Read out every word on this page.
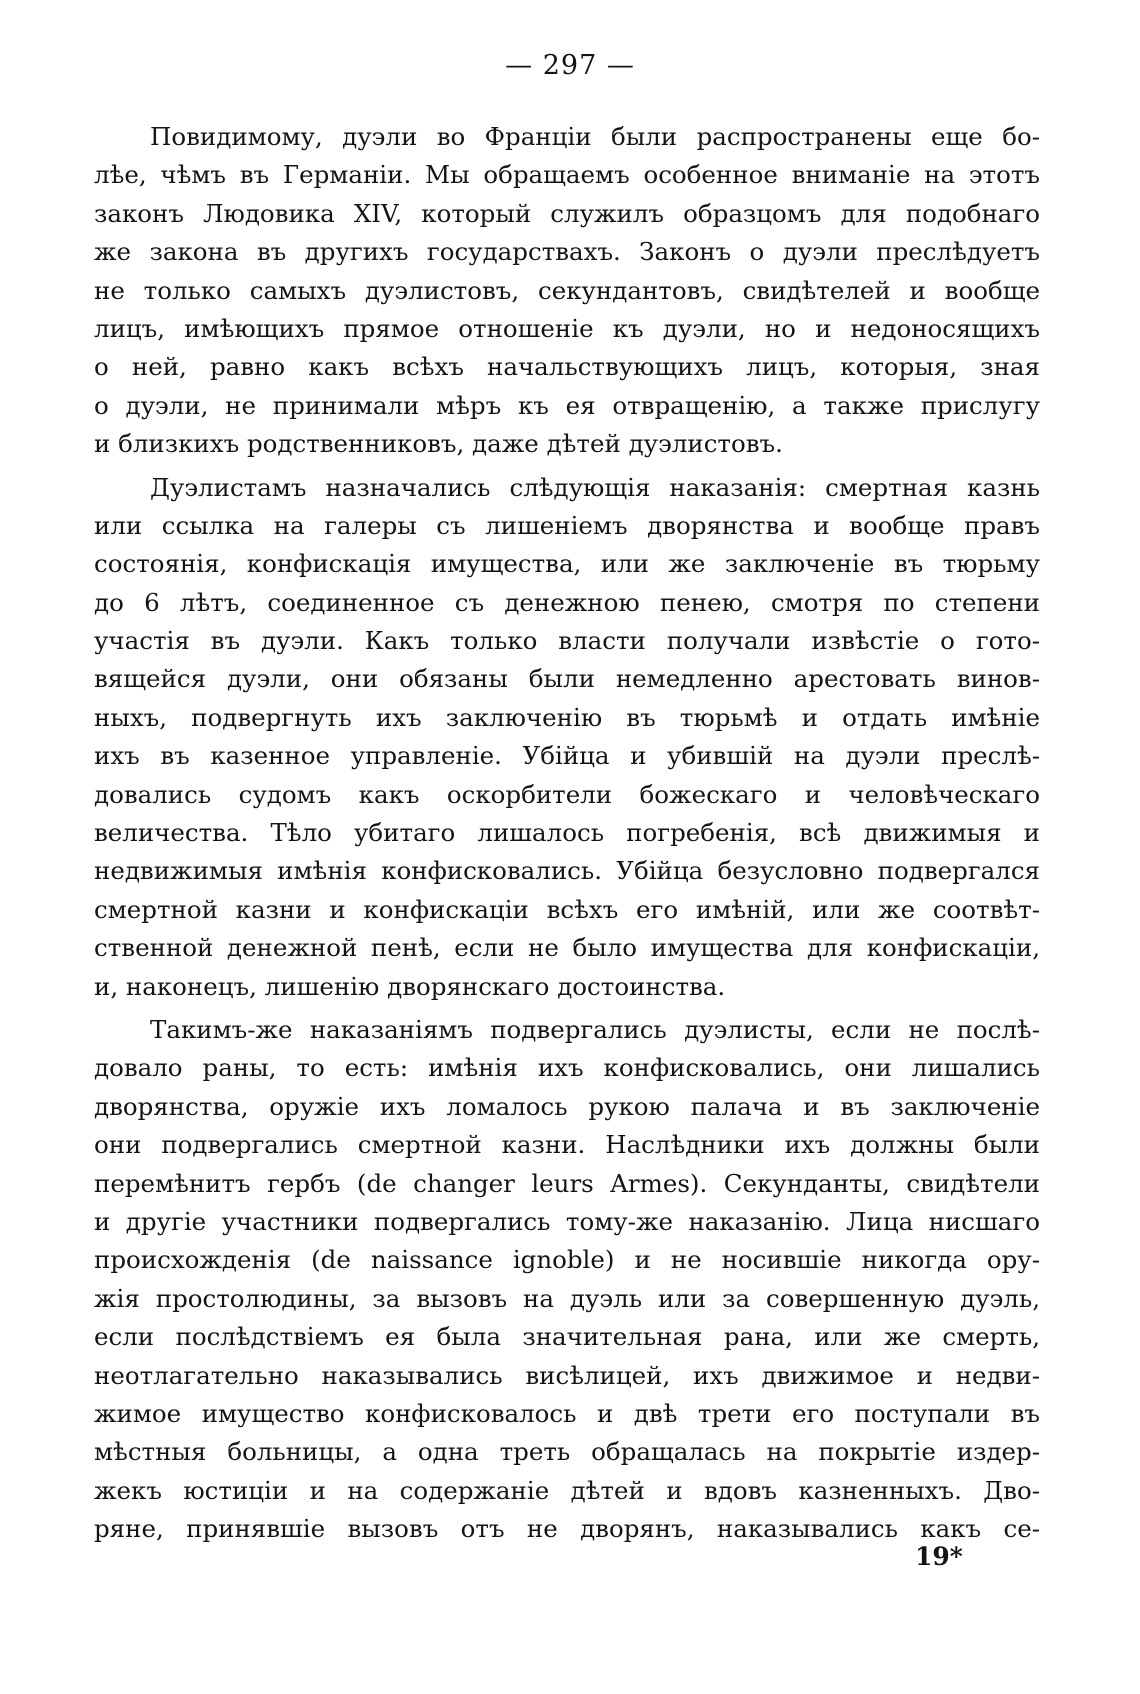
— 297 —
Повидимому, дуэли во Франціи были распространены еще бо-
лѣе, чѣмъ въ Германіи. Мы обращаемъ особенное вниманіе на этотъ
законъ Людовика XIV, который служилъ образцомъ для подобнаго
же закона въ другихъ государствахъ. Законъ о дуэли преслѣдуетъ
не только самыхъ дуэлистовъ, секундантовъ, свидѣтелей и вообще
лицъ, имѣющихъ прямое отношеніе къ дуэли, но и недоносящихъ
о ней, равно какъ всѣхъ начальствующихъ лицъ, которыя, зная
о дуэли, не принимали мѣръ къ ея отвращенію, а также прислугу
и близкихъ родственниковъ, даже дѣтей дуэлистовъ.
Дуэлистамъ назначались слѣдующія наказанія: смертная казнь
или ссылка на галеры съ лишеніемъ дворянства и вообще правъ
состоянія, конфискація имущества, или же заключеніе въ тюрьму
до 6 лѣтъ, соединенное съ денежною пенею, смотря по степени
участія въ дуэли. Какъ только власти получали извѣстіе о гото-
вящейся дуэли, они обязаны были немедленно арестовать винов-
ныхъ, подвергнуть ихъ заключенію въ тюрьмѣ и отдать имѣніе
ихъ въ казенное управленіе. Убійца и убившій на дуэли преслѣ-
довались судомъ какъ оскорбители божескаго и человѣческаго
величества. Тѣло убитаго лишалось погребенія, всѣ движимыя и
недвижимыя имѣнія конфисковались. Убійца безусловно подвергался
смертной казни и конфискаціи всѣхъ его имѣній, или же соотвѣт-
ственной денежной пенѣ, если не было имущества для конфискаціи,
и, наконецъ, лишенію дворянскаго достоинства.
Такимъ-же наказаніямъ подвергались дуэлисты, если не послѣ-
довало раны, то есть: имѣнія ихъ конфисковались, они лишались
дворянства, оружіе ихъ ломалось рукою палача и въ заключеніе
они подвергались смертной казни. Наслѣдники ихъ должны были
перемѣнитъ гербъ (de changer leurs Armes). Секунданты, свидѣтели
и другіе участники подвергались тому-же наказанію. Лица нисшаго
происхожденія (de naissance ignoble) и не носившіе никогда ору-
жія простолюдины, за вызовъ на дуэль или за совершенную дуэль,
если послѣдствіемъ ея была значительная рана, или же смерть,
неотлагательно наказывались висѣлицей, ихъ движимое и недви-
жимое имущество конфисковалось и двѣ трети его поступали въ
мѣстныя больницы, а одна треть обращалась на покрытіе издер-
жекъ юстиціи и на содержаніе дѣтей и вдовъ казненныхъ. Дво-
ряне, принявшіе вызовъ отъ не дворянъ, наказывались какъ се-
19*
